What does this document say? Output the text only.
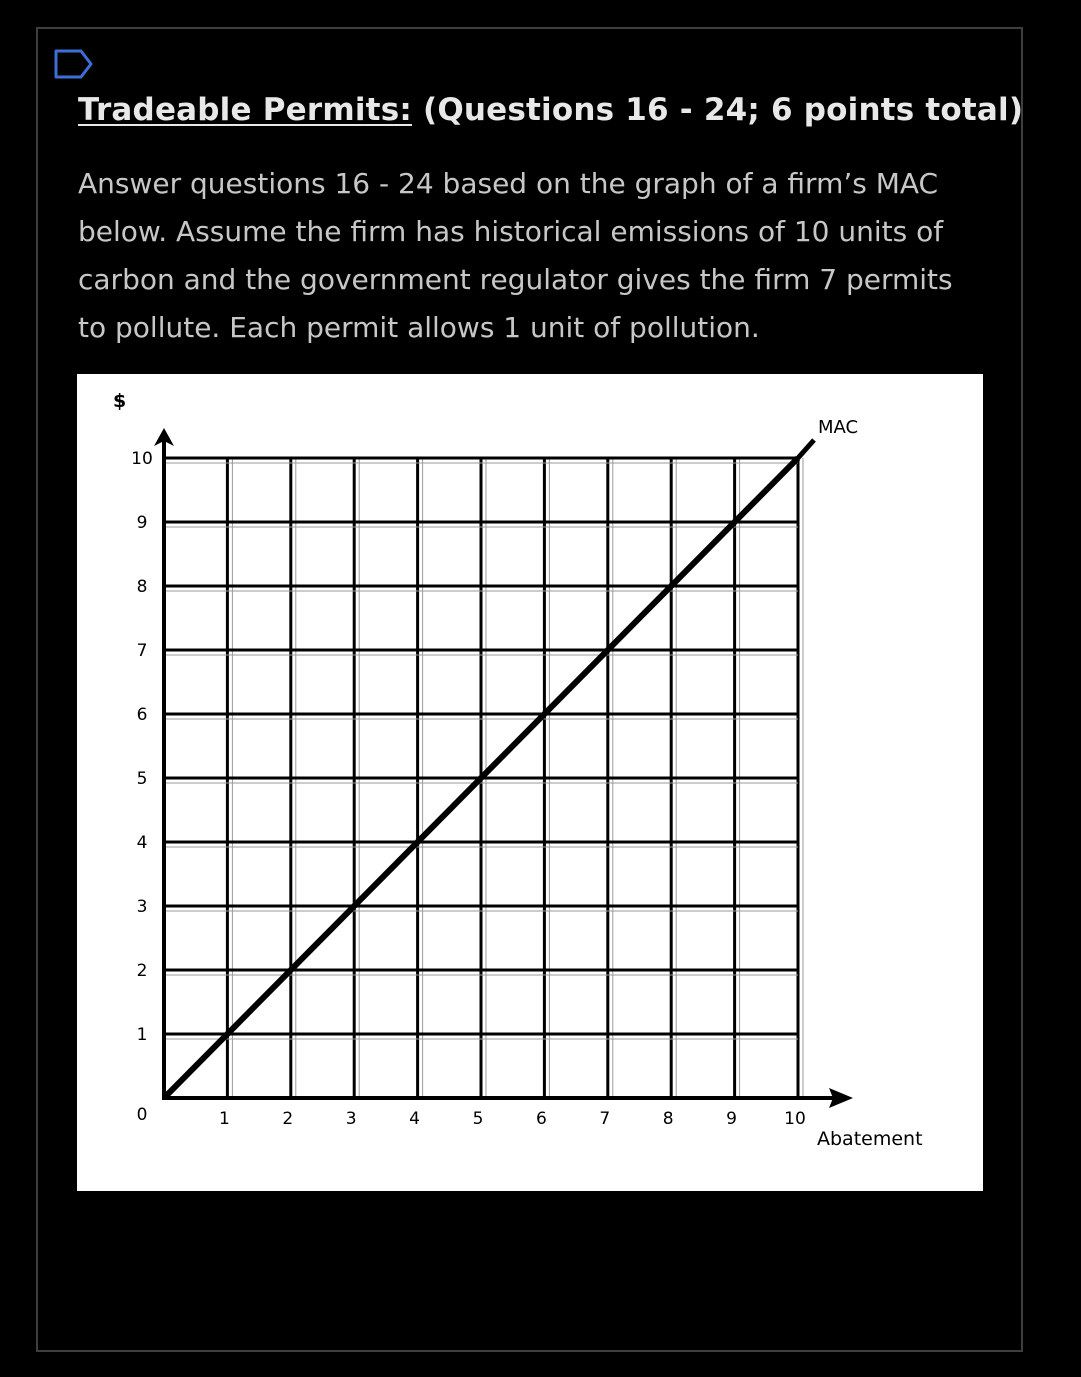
Tradeable Permits: (Questions 16 - 24; 6 points total)

Answer questions 16 - 24 based on the graph of a firm’s MAC below. Assume the firm has historical emissions of 10 units of carbon and the government regulator gives the firm 7 permits to pollute. Each permit allows 1 unit of pollution.

1	2	3	4	5	6	7	8	9	10
0
1
2
3
4
5
6
7
8
9
10
$
Abatement
MAC
